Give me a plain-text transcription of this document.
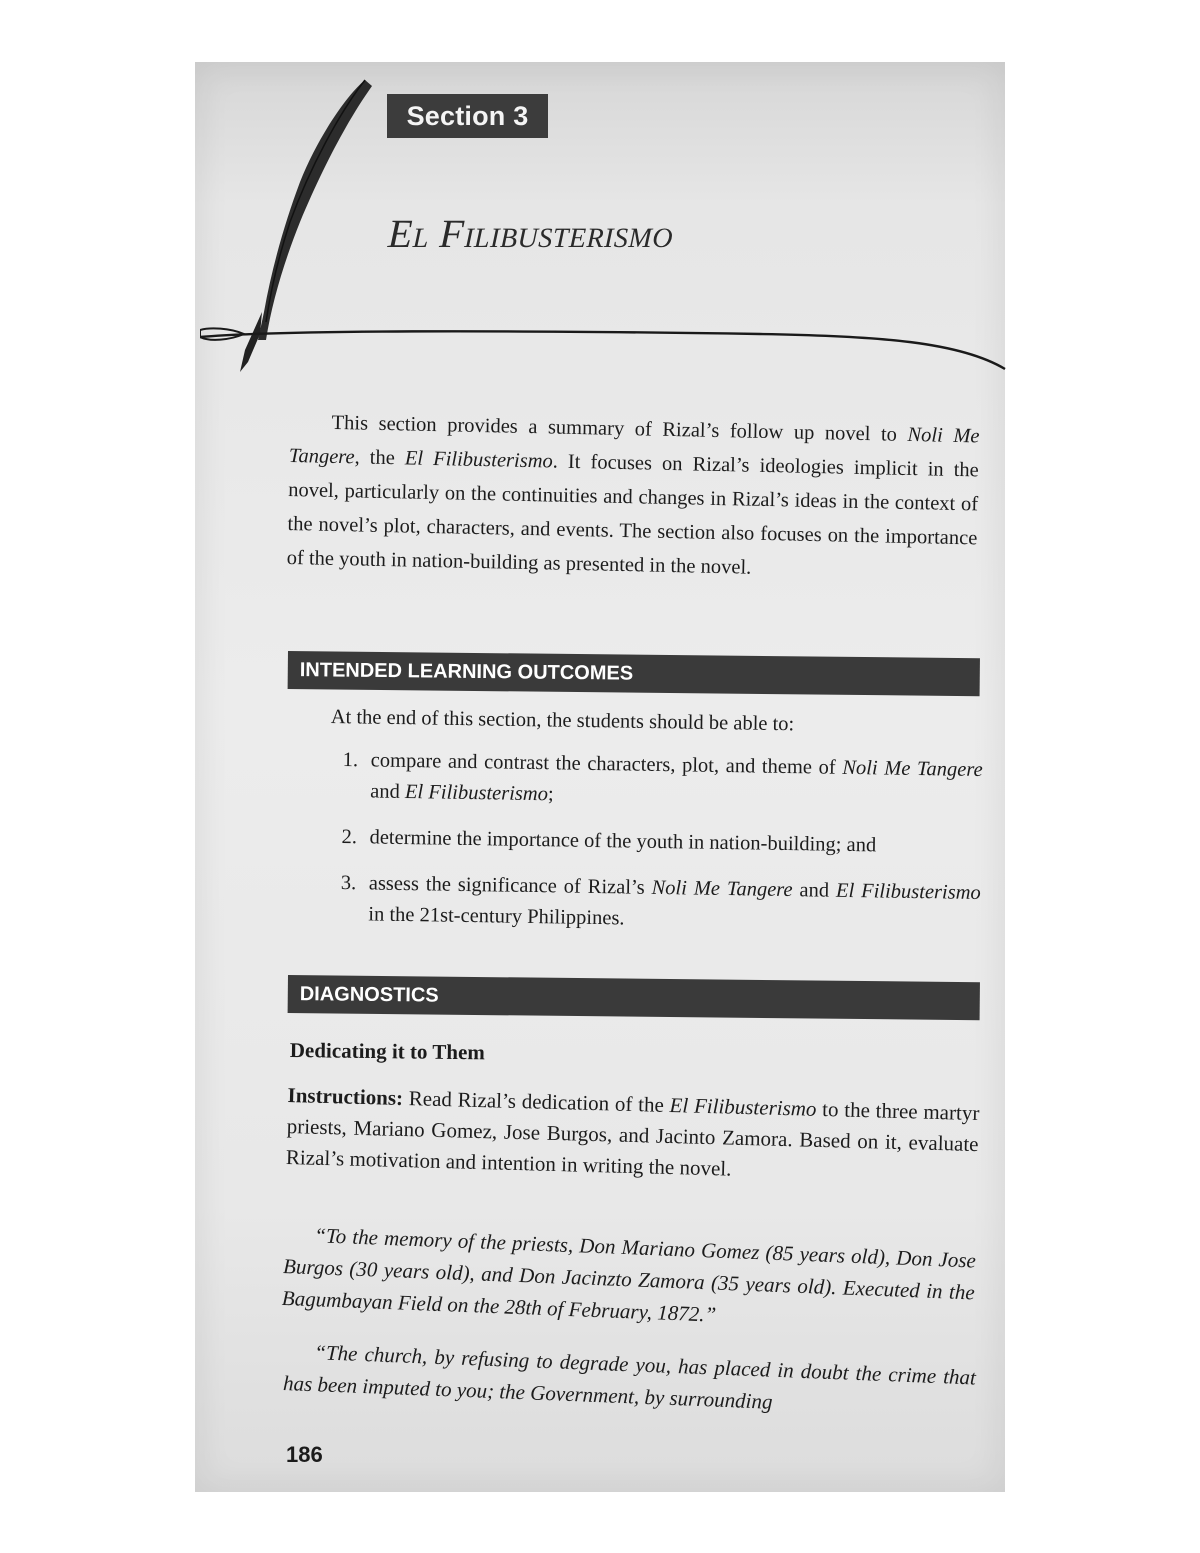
Section 3
El Filibusterismo

This section provides a summary of Rizal’s follow up novel to Noli Me Tangere, the El Filibusterismo. It focuses on Rizal’s ideologies implicit in the novel, particularly on the continuities and changes in Rizal’s ideas in the context of the novel’s plot, characters, and events. The section also focuses on the importance of the youth in nation-building as presented in the novel.

INTENDED LEARNING OUTCOMES
At the end of this section, the students should be able to:
1. compare and contrast the characters, plot, and theme of Noli Me Tangere and El Filibusterismo;
2. determine the importance of the youth in nation-building; and
3. assess the significance of Rizal’s Noli Me Tangere and El Filibusterismo in the 21st-century Philippines.
DIAGNOSTICS
Dedicating it to Them

Instructions: Read Rizal’s dedication of the El Filibusterismo to the three martyr priests, Mariano Gomez, Jose Burgos, and Jacinto Zamora. Based on it, evaluate Rizal’s motivation and intention in writing the novel.

“To the memory of the priests, Don Mariano Gomez (85 years old), Don Jose Burgos (30 years old), and Don Jacinzto Zamora (35 years old). Executed in the Bagumbayan Field on the 28th of February, 1872.”

“The church, by refusing to degrade you, has placed in doubt the crime that has been imputed to you; the Government, by surrounding

186
